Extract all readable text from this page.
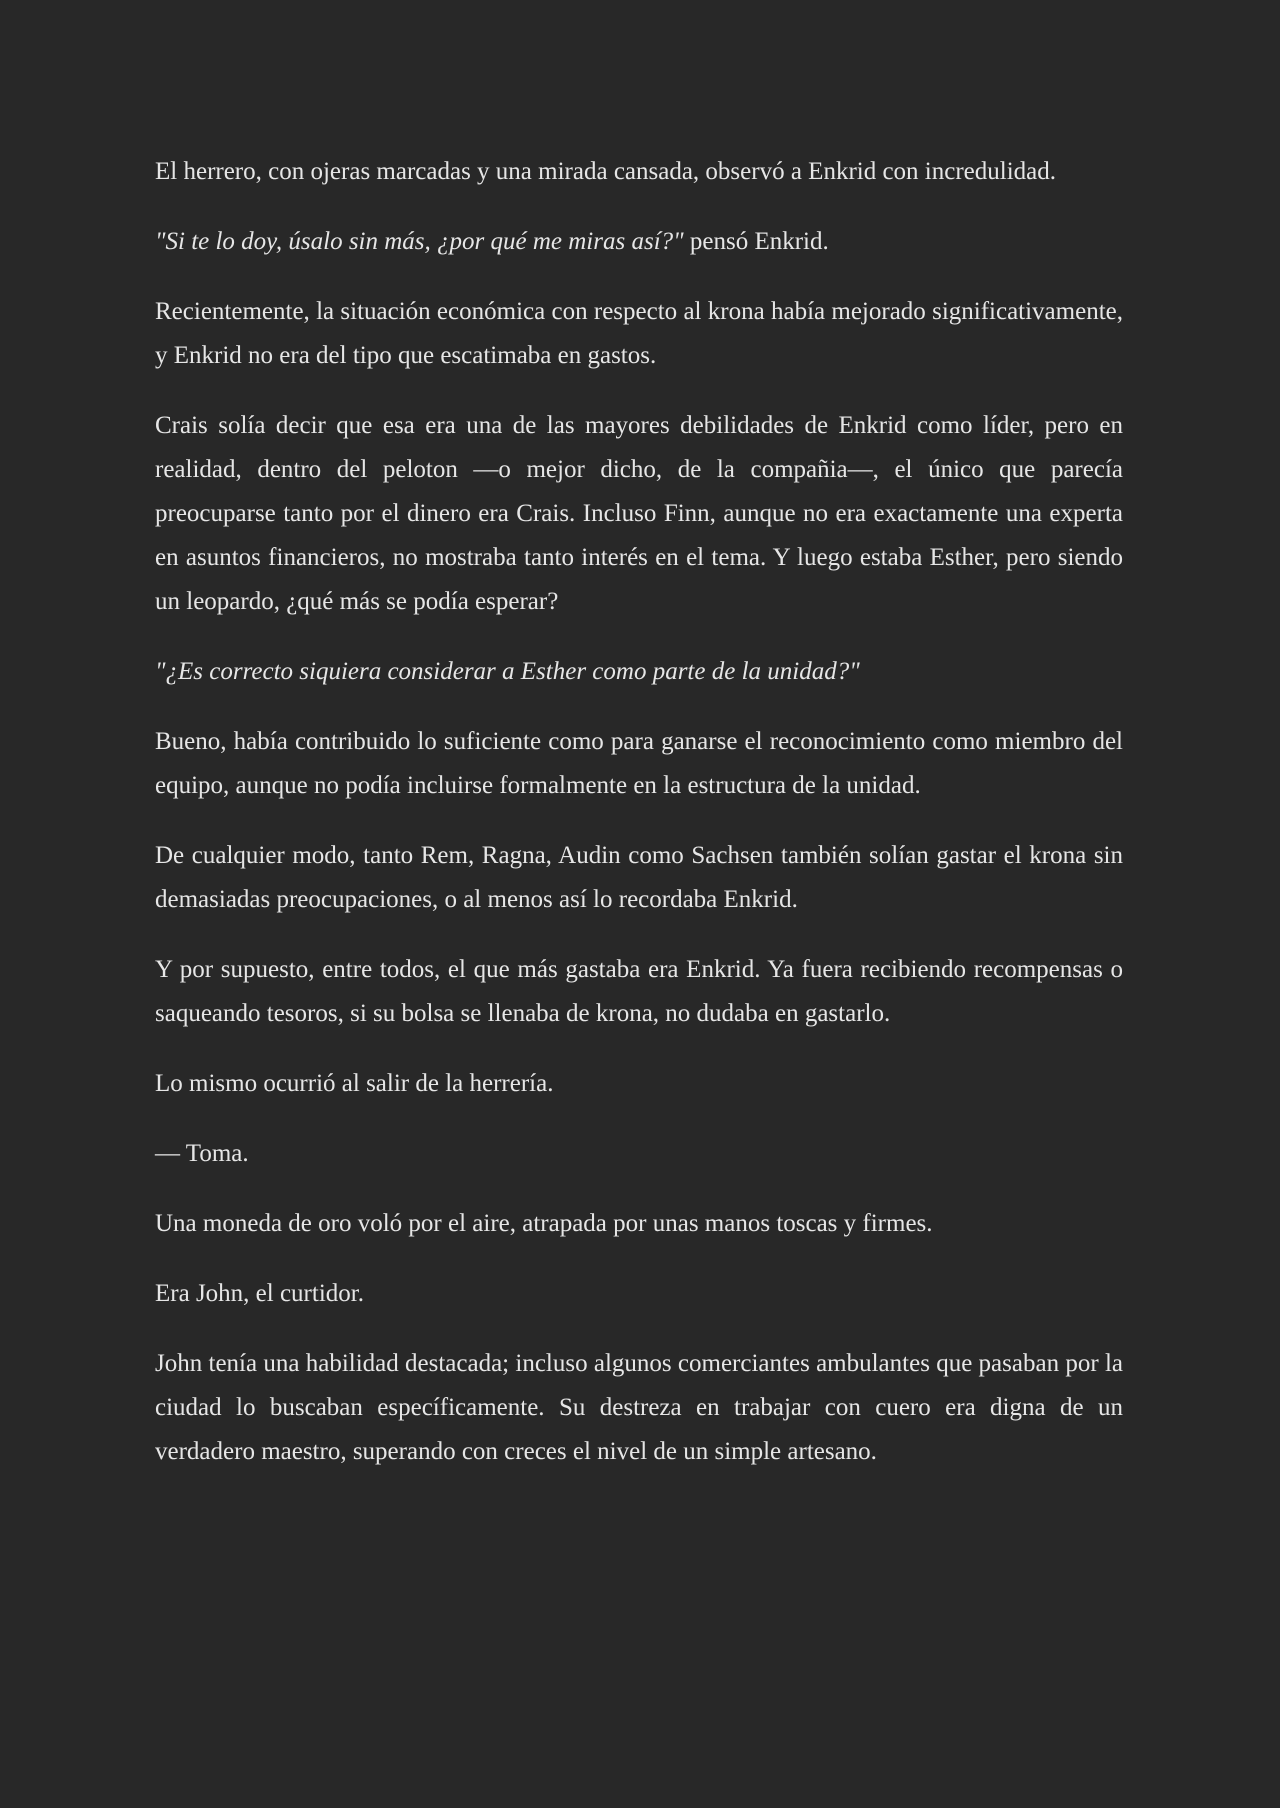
El herrero, con ojeras marcadas y una mirada cansada, observó a Enkrid con incredulidad.

"Si te lo doy, úsalo sin más, ¿por qué me miras así?" pensó Enkrid.

Recientemente, la situación económica con respecto al krona había mejorado significativamente, y Enkrid no era del tipo que escatimaba en gastos.

Crais solía decir que esa era una de las mayores debilidades de Enkrid como líder, pero en realidad, dentro del peloton —o mejor dicho, de la compañia—, el único que parecía preocuparse tanto por el dinero era Crais. Incluso Finn, aunque no era exactamente una experta en asuntos financieros, no mostraba tanto interés en el tema. Y luego estaba Esther, pero siendo un leopardo, ¿qué más se podía esperar?

"¿Es correcto siquiera considerar a Esther como parte de la unidad?"

Bueno, había contribuido lo suficiente como para ganarse el reconocimiento como miembro del equipo, aunque no podía incluirse formalmente en la estructura de la unidad.

De cualquier modo, tanto Rem, Ragna, Audin como Sachsen también solían gastar el krona sin demasiadas preocupaciones, o al menos así lo recordaba Enkrid.

Y por supuesto, entre todos, el que más gastaba era Enkrid. Ya fuera recibiendo recompensas o saqueando tesoros, si su bolsa se llenaba de krona, no dudaba en gastarlo.

Lo mismo ocurrió al salir de la herrería.

— Toma.

Una moneda de oro voló por el aire, atrapada por unas manos toscas y firmes.

Era John, el curtidor.

John tenía una habilidad destacada; incluso algunos comerciantes ambulantes que pasaban por la ciudad lo buscaban específicamente. Su destreza en trabajar con cuero era digna de un verdadero maestro, superando con creces el nivel de un simple artesano.
